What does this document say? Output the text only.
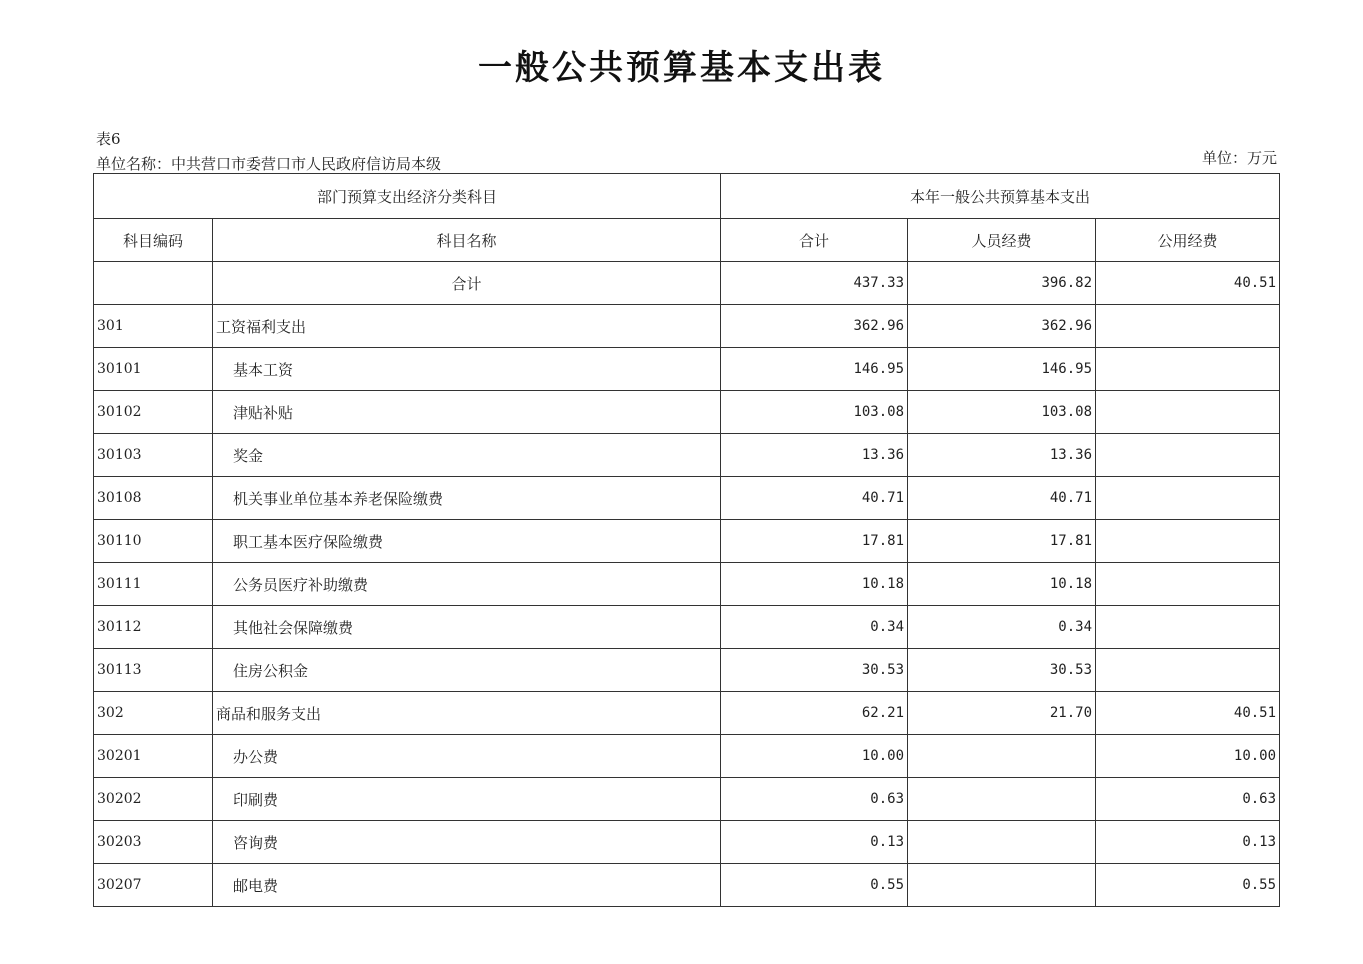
一般公共预算基本支出表
表6
单位名称：中共营口市委营口市人民政府信访局本级	单位：万元
部门预算支出经济分类科目		本年一般公共预算基本支出		
科目编码	科目名称	合计	人员经费	公用经费
	合计	437.33	396.82	40.51
301	工资福利支出	362.96	362.96	
30101	基本工资	146.95	146.95	
30102	津贴补贴	103.08	103.08	
30103	奖金	13.36	13.36	
30108	机关事业单位基本养老保险缴费	40.71	40.71	
30110	职工基本医疗保险缴费	17.81	17.81	
30111	公务员医疗补助缴费	10.18	10.18	
30112	其他社会保障缴费	0.34	0.34	
30113	住房公积金	30.53	30.53	
302	商品和服务支出	62.21	21.70	40.51
30201	办公费	10.00		10.00
30202	印刷费	0.63		0.63
30203	咨询费	0.13		0.13
30207	邮电费	0.55		0.55
